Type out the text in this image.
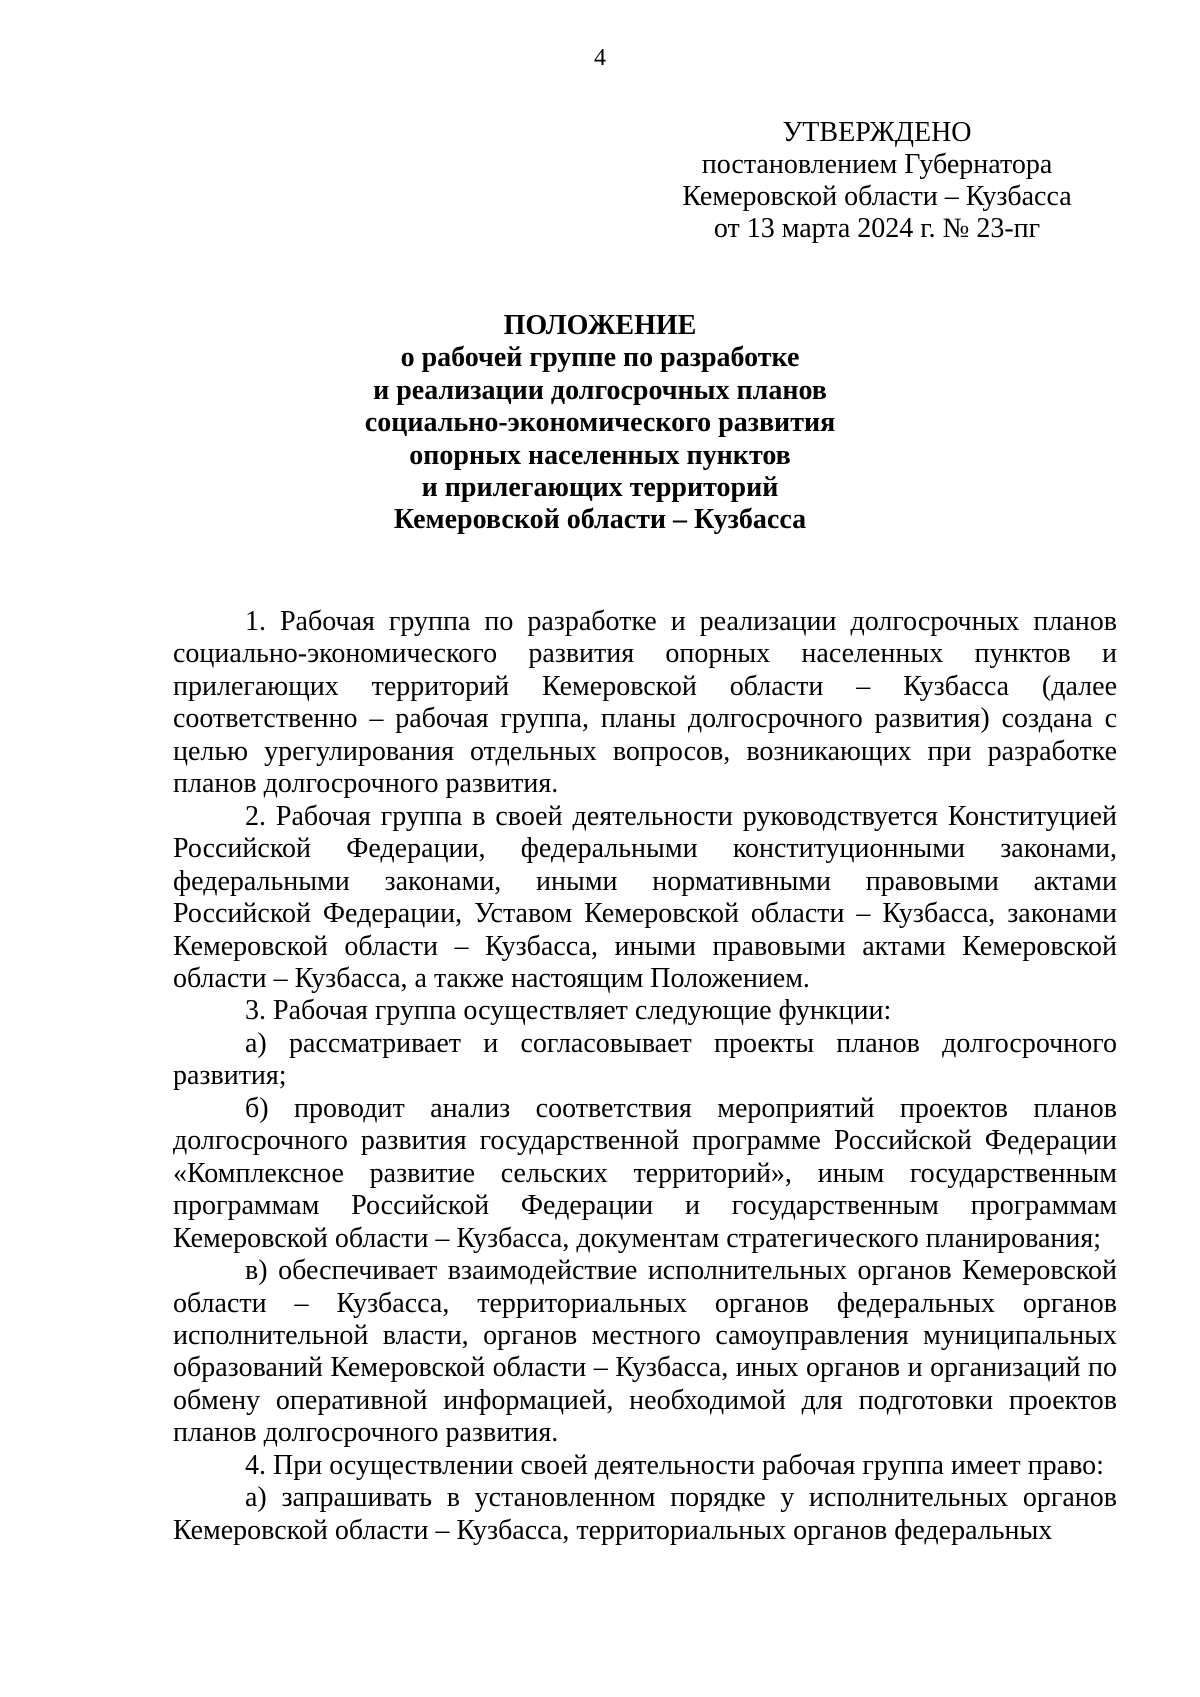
4
УТВЕРЖДЕНО
постановлением Губернатора
Кемеровской области – Кузбасса
от 13 марта 2024 г. № 23-пг
ПОЛОЖЕНИЕ
о рабочей группе по разработке
и реализации долгосрочных планов
социально-экономического развития
опорных населенных пунктов
и прилегающих территорий
Кемеровской области – Кузбасса

1. Рабочая группа по разработке и реализации долгосрочных планов социально-экономического развития опорных населенных пунктов и прилегающих территорий Кемеровской области – Кузбасса (далее соответственно – рабочая группа, планы долгосрочного развития) создана с целью урегулирования отдельных вопросов, возникающих при разработке планов долгосрочного развития.

2. Рабочая группа в своей деятельности руководствуется Конституцией Российской Федерации, федеральными конституционными законами, федеральными законами, иными нормативными правовыми актами Российской Федерации, Уставом Кемеровской области – Кузбасса, законами Кемеровской области – Кузбасса, иными правовыми актами Кемеровской области – Кузбасса, а также настоящим Положением.

3. Рабочая группа осуществляет следующие функции:

а) рассматривает и согласовывает проекты планов долгосрочного развития;

б) проводит анализ соответствия мероприятий проектов планов долгосрочного развития государственной программе Российской Федерации «Комплексное развитие сельских территорий», иным государственным программам Российской Федерации и государственным программам Кемеровской области – Кузбасса, документам стратегического планирования;

в) обеспечивает взаимодействие исполнительных органов Кемеровской области – Кузбасса, территориальных органов федеральных органов исполнительной власти, органов местного самоуправления муниципальных образований Кемеровской области – Кузбасса, иных органов и организаций по обмену оперативной информацией, необходимой для подготовки проектов планов долгосрочного развития.

4. При осуществлении своей деятельности рабочая группа имеет право:

а) запрашивать в установленном порядке у исполнительных органов Кемеровской области – Кузбасса, территориальных органов федеральных
